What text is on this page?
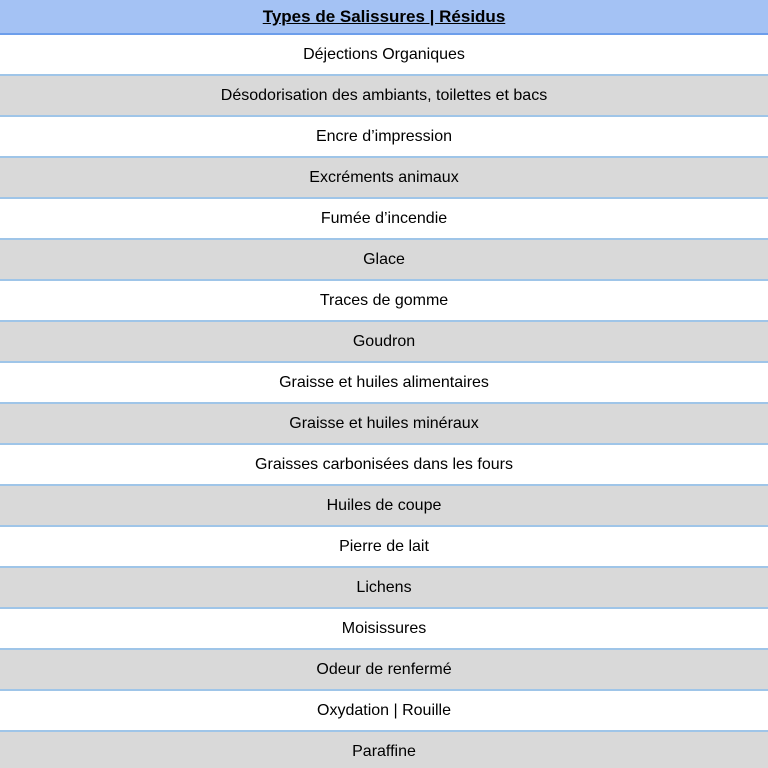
Types de Salissures | Résidus
Déjections Organiques
Désodorisation des ambiants, toilettes et bacs
Encre d’impression
Excréments animaux
Fumée d’incendie
Glace
Traces de gomme
Goudron
Graisse et huiles alimentaires
Graisse et huiles minéraux
Graisses carbonisées dans les fours
Huiles de coupe
Pierre de lait
Lichens
Moisissures
Odeur de renfermé
Oxydation | Rouille
Paraffine
